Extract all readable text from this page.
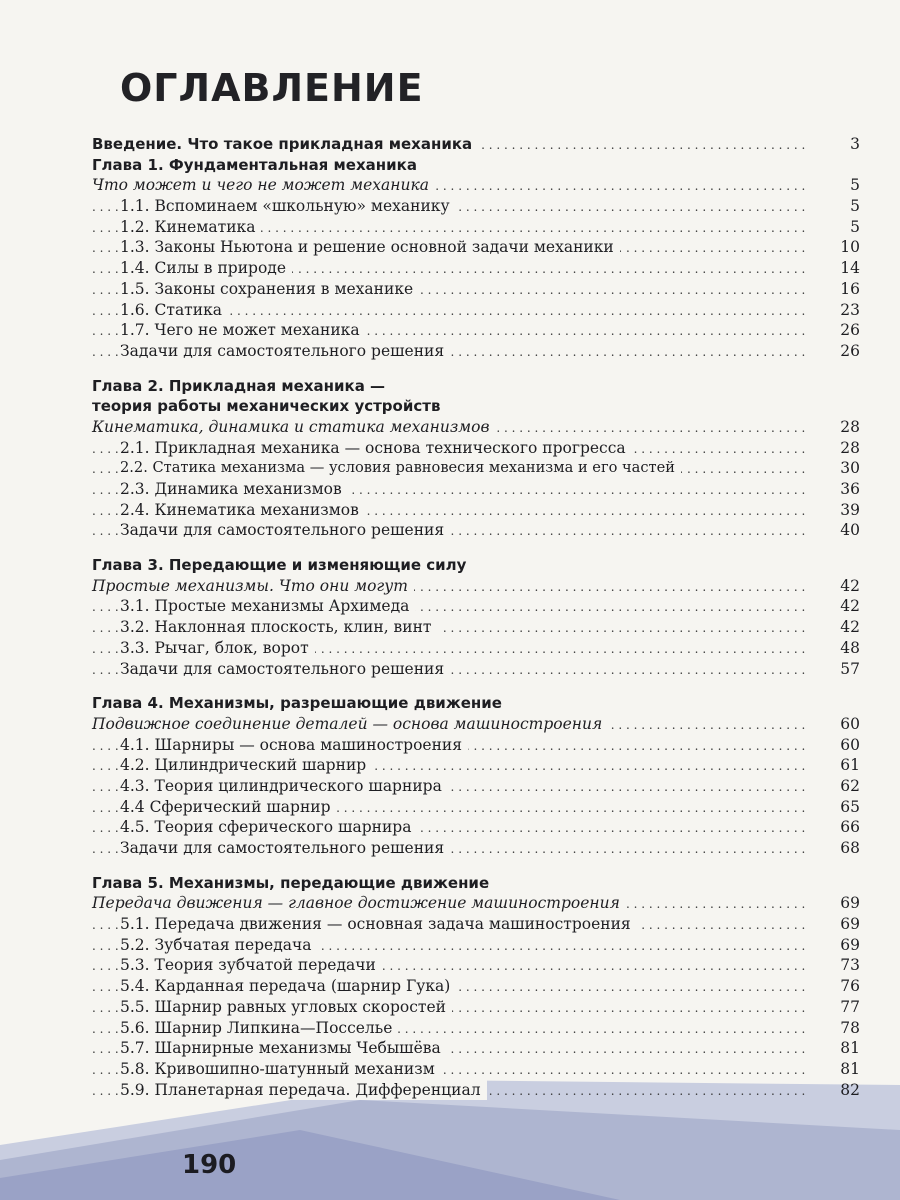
ОГЛАВЛЕНИЕ
. . .
Введение. Что такое прикладная механика	3
Глава 1. Фундаментальная механика
. . .
Что может и чего не может механика	5
. . .
1.1. Вспоминаем «школьную» механику	5
. . .
1.2. Кинематика	5
. . .
1.3. Законы Ньютона и решение основной задачи механики	10
. . .
1.4. Силы в природе	14
. . .
1.5. Законы сохранения в механике	16
. . .
1.6. Статика	23
. . .
1.7. Чего не может механика	26
. . .
Задачи для самостоятельного решения	26
Глава 2. Прикладная механика —
теория работы механических устройств
. . .
Кинематика, динамика и статика механизмов	28
. . .
2.1. Прикладная механика — основа технического прогресса	28
. . .
2.2. Статика механизма — условия равновесия механизма и его частей	30
. . .
2.3. Динамика механизмов	36
. . .
2.4. Кинематика механизмов	39
. . .
Задачи для самостоятельного решения	40
Глава 3. Передающие и изменяющие силу
. . .
Простые механизмы. Что они могут	42
. . .
3.1. Простые механизмы Архимеда	42
. . .
3.2. Наклонная плоскость, клин, винт	42
. . .
3.3. Рычаг, блок, ворот	48
. . .
Задачи для самостоятельного решения	57
Глава 4. Механизмы, разрешающие движение
. . .
Подвижное соединение деталей — основа машиностроения	60
. . .
4.1. Шарниры — основа машиностроения	60
. . .
4.2. Цилиндрический шарнир	61
. . .
4.3. Теория цилиндрического шарнира	62
. . .
4.4 Сферический шарнир	65
. . .
4.5. Теория сферического шарнира	66
. . .
Задачи для самостоятельного решения	68
Глава 5. Механизмы, передающие движение
. . .
Передача движения — главное достижение машиностроения	69
. . .
5.1. Передача движения — основная задача машиностроения	69
. . .
5.2. Зубчатая передача	69
. . .
5.3. Теория зубчатой передачи	73
. . .
5.4. Карданная передача (шарнир Гука)	76
. . .
5.5. Шарнир равных угловых скоростей	77
. . .
5.6. Шарнир Липкина—Посселье	78
. . .
5.7. Шарнирные механизмы Чебышёва	81
. . .
5.8. Кривошипно-шатунный механизм	81
. . .
5.9. Планетарная передача. Дифференциал	82
190
